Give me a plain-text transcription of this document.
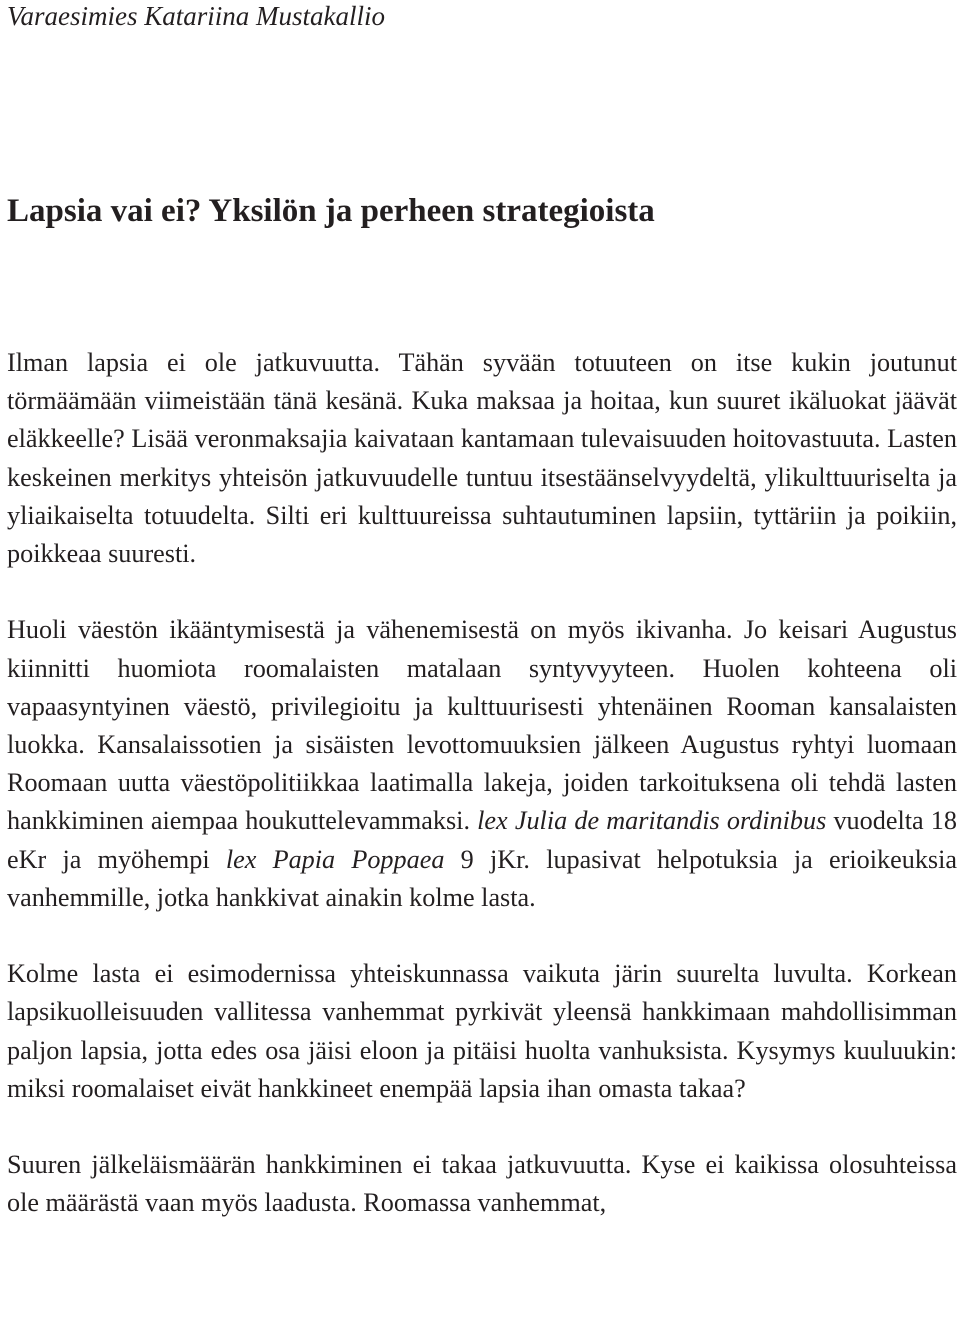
Varaesimies Katariina Mustakallio

Lapsia vai ei? Yksilön ja perheen strategioista

Ilman lapsia ei ole jatkuvuutta. Tähän syvään totuuteen on itse kukin joutunut törmäämään viimeistään tänä kesänä. Kuka maksaa ja hoitaa, kun suuret ikäluokat jäävät eläkkeelle? Lisää veronmaksajia kaivataan kantamaan tulevaisuuden hoitovastuuta. Lasten keskeinen merkitys yhteisön jatkuvuudelle tuntuu itsestäänselvyydeltä, ylikulttuuriselta ja yliaikaiselta totuudelta. Silti eri kulttuureissa suhtautuminen lapsiin, tyttäriin ja poikiin, poikkeaa suuresti.

Huoli väestön ikääntymisestä ja vähenemisestä on myös ikivanha. Jo keisari Augustus kiinnitti huomiota roomalaisten matalaan syntyvyyteen. Huolen kohteena oli vapaasyntyinen väestö, privilegioitu ja kulttuurisesti yhtenäinen Rooman kansalaisten luokka. Kansalaissotien ja sisäisten levottomuuksien jälkeen Augustus ryhtyi luomaan Roomaan uutta väestöpolitiikkaa laatimalla lakeja, joiden tarkoituksena oli tehdä lasten hankkiminen aiempaa houkuttelevammaksi. lex Julia de maritandis ordinibus vuodelta 18 eKr ja myöhempi lex Papia Poppaea 9 jKr. lupasivat helpotuksia ja erioikeuksia vanhemmille, jotka hankkivat ainakin kolme lasta.

Kolme lasta ei esimodernissa yhteiskunnassa vaikuta järin suurelta luvulta. Korkean lapsikuolleisuuden vallitessa vanhemmat pyrkivät yleensä hankkimaan mahdollisimman paljon lapsia, jotta edes osa jäisi eloon ja pitäisi huolta vanhuksista. Kysymys kuuluukin: miksi roomalaiset eivät hankkineet enempää lapsia ihan omasta takaa?

Suuren jälkeläismäärän hankkiminen ei takaa jatkuvuutta. Kyse ei kaikissa olosuhteissa ole määrästä vaan myös laadusta. Roomassa vanhemmat,
